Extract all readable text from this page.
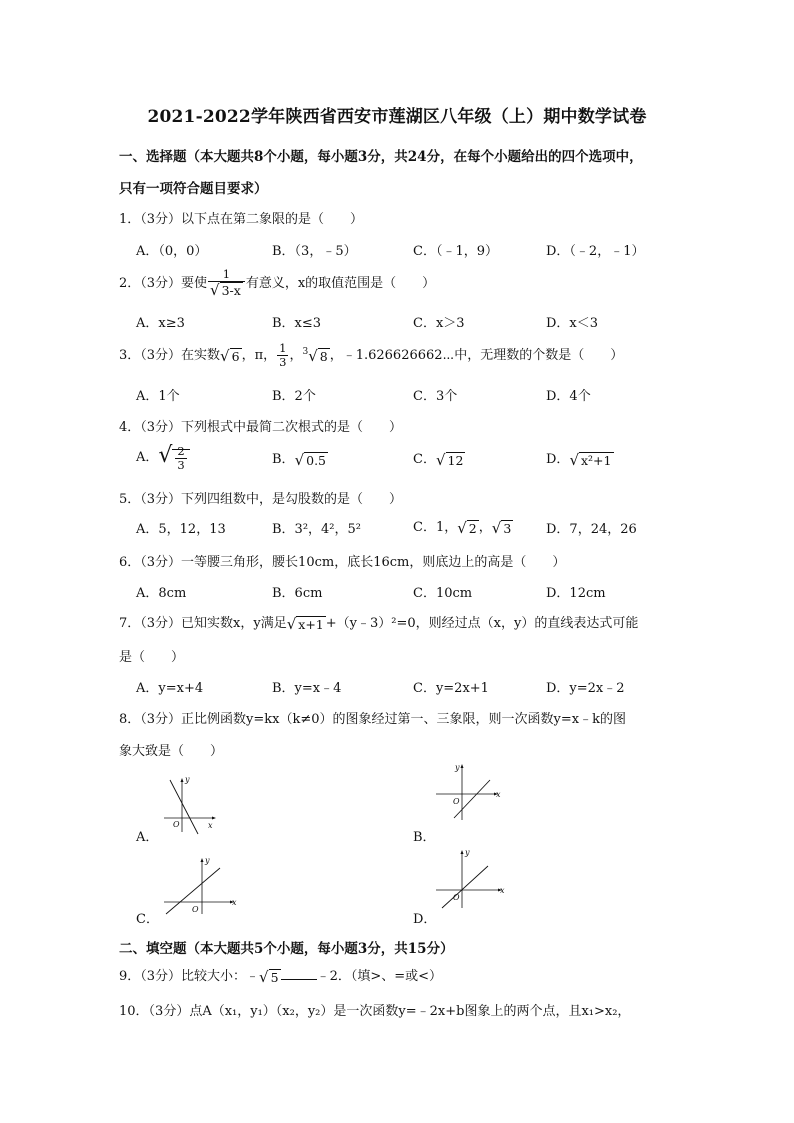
2021-2022学年陕西省西安市莲湖区八年级（上）期中数学试卷
一、选择题（本大题共8个小题，每小题3分，共24分，在每个小题给出的四个选项中，
只有一项符合题目要求）
1．（3分）以下点在第二象限的是（　　）
A．（0，0）	B．（3，﹣5）	C．（﹣1，9）	D．（﹣2，﹣1）
2．（3分）要使 $\frac{1}{√ 3-x}$ 有意义，x的取值范围是（　　）
A．x≥3	B．x≤3	C．x＞3	D．x＜3
3．（3分）在实数√ 6 ，π， $\frac{1}{3}$ ，$^3$√ 8 ，﹣1.626626662⋯中，无理数的个数是（　　）
A．1个	B．2个	C．3个	D．4个
4．（3分）下列根式中最简二次根式的是（　　）
A．√ $\frac{2}{3}$	B．√ 0.5	C．√ 12	D．√ x²+1
5．（3分）下列四组数中，是勾股数的是（　　）
A．5，12，13	B．3²，4²，5²	C．1，√ 2 ，√ 3	D．7，24，26
6．（3分）一等腰三角形，腰长10cm，底长16cm，则底边上的高是（　　）
A．8cm	B．6cm	C．10cm	D．12cm
7．（3分）已知实数x，y满足√ x+1 +（y﹣3）²=0，则经过点（x，y）的直线表达式可能
是（　　）
A．y=x+4	B．y=x﹣4	C．y=2x+1	D．y=2x﹣2
8．（3分）正比例函数y=kx（k≠0）的图象经过第一、三象限，则一次函数y=x﹣k的图
象大致是（　　）
A．
x
y
O
B．
x
y
O
C．
x
y
O
D．
x
y
O
二、填空题（本大题共5个小题，每小题3分，共15分）
9．（3分）比较大小：﹣√ 5	﹣2．（填>、=或<）
10．（3分）点A（x₁，y₁）（x₂，y₂）是一次函数y=﹣2x+b图象上的两个点，且x₁>x₂，
